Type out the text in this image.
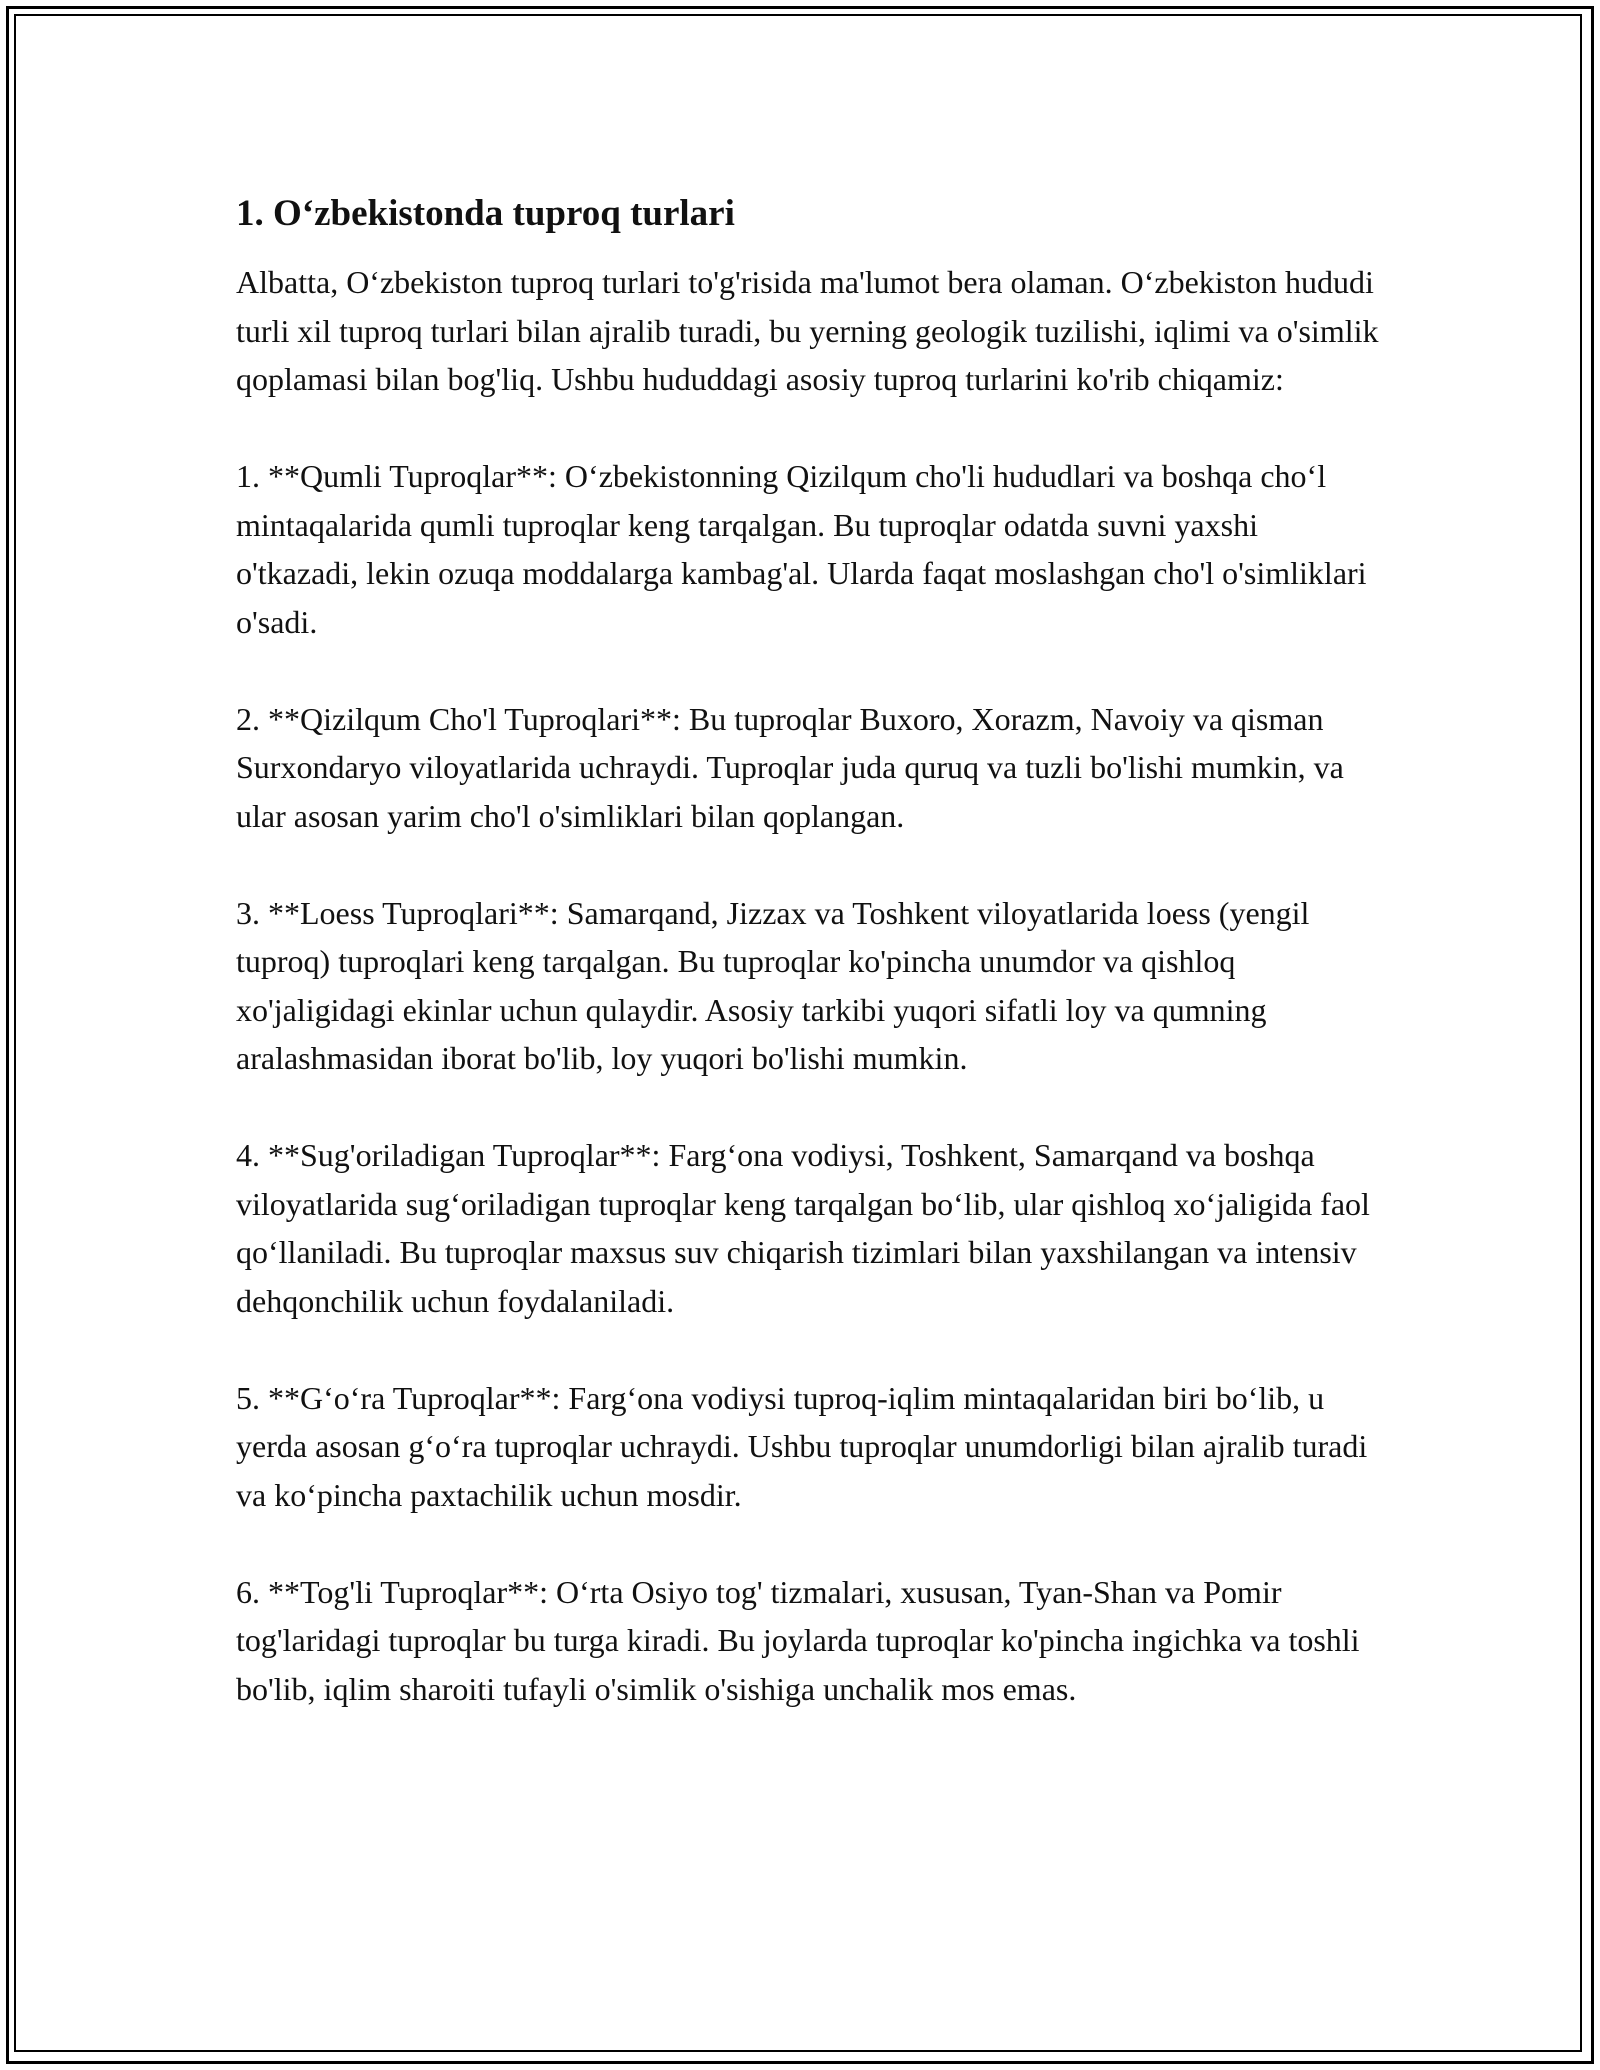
1. O‘zbekistonda tuproq turlari

Albatta, O‘zbekiston tuproq turlari to'g'risida ma'lumot bera olaman. O‘zbekiston hududi turli xil tuproq turlari bilan ajralib turadi, bu yerning geologik tuzilishi, iqlimi va o'simlik qoplamasi bilan bog'liq. Ushbu hududdagi asosiy tuproq turlarini ko'rib chiqamiz:

1. **Qumli Tuproqlar**: O‘zbekistonning Qizilqum cho'li hududlari va boshqa cho‘l mintaqalarida qumli tuproqlar keng tarqalgan. Bu tuproqlar odatda suvni yaxshi o'tkazadi, lekin ozuqa moddalarga kambag'al. Ularda faqat moslashgan cho'l o'simliklari o'sadi.

2. **Qizilqum Cho'l Tuproqlari**: Bu tuproqlar Buxoro, Xorazm, Navoiy va qisman Surxondaryo viloyatlarida uchraydi. Tuproqlar juda quruq va tuzli bo'lishi mumkin, va ular asosan yarim cho'l o'simliklari bilan qoplangan.

3. **Loess Tuproqlari**: Samarqand, Jizzax va Toshkent viloyatlarida loess (yengil tuproq) tuproqlari keng tarqalgan. Bu tuproqlar ko'pincha unumdor va qishloq xo'jaligidagi ekinlar uchun qulaydir. Asosiy tarkibi yuqori sifatli loy va qumning aralashmasidan iborat bo'lib, loy yuqori bo'lishi mumkin.

4. **Sug'oriladigan Tuproqlar**: Farg‘ona vodiysi, Toshkent, Samarqand va boshqa viloyatlarida sug‘oriladigan tuproqlar keng tarqalgan bo‘lib, ular qishloq xo‘jaligida faol qo‘llaniladi. Bu tuproqlar maxsus suv chiqarish tizimlari bilan yaxshilangan va intensiv dehqonchilik uchun foydalaniladi.

5. **G‘o‘ra Tuproqlar**: Farg‘ona vodiysi tuproq-iqlim mintaqalaridan biri bo‘lib, u yerda asosan g‘o‘ra tuproqlar uchraydi. Ushbu tuproqlar unumdorligi bilan ajralib turadi va ko‘pincha paxtachilik uchun mosdir.

6. **Tog'li Tuproqlar**: O‘rta Osiyo tog' tizmalari, xususan, Tyan-Shan va Pomir tog'laridagi tuproqlar bu turga kiradi. Bu joylarda tuproqlar ko'pincha ingichka va toshli bo'lib, iqlim sharoiti tufayli o'simlik o'sishiga unchalik mos emas.
